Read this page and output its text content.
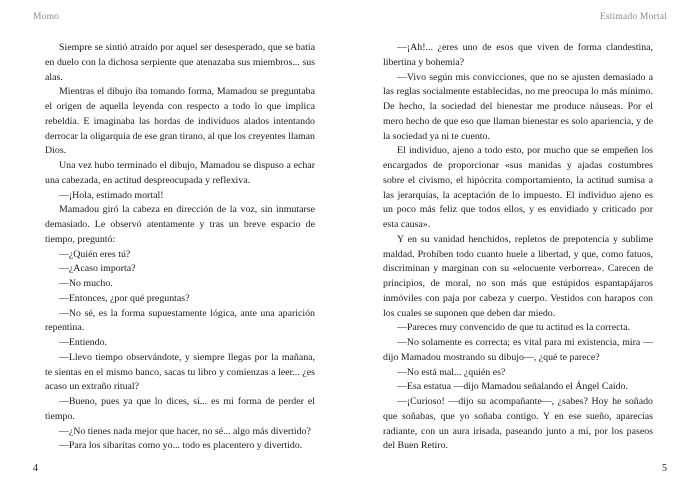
Momo

Siempre se sintió atraído por aquel ser desesperado, que se batía en duelo con la dichosa serpiente que atenazaba sus miembros... sus alas.

Mientras el dibujo iba tomando forma, Mamadou se preguntaba el origen de aquella leyenda con respecto a todo lo que implica rebeldía. E imaginaba las hordas de individuos alados intentando derrocar la oligarquía de ese gran tirano, al que los creyentes llaman Dios.

Una vez hubo terminado el dibujo, Mamadou se dispuso a echar una cabezada, en actitud despreocupada y reflexiva.

—¡Hola, estimado mortal!

Mamadou giró la cabeza en dirección de la voz, sin inmutarse demasiado. Le observó atentamente y tras un breve espacio de tiempo, preguntó:

—¿Quién eres tú?

—¿Acaso importa?

—No mucho.

—Entonces, ¿por qué preguntas?

—No sé, es la forma supuestamente lógica, ante una aparición repentina.

—Entiendo.

—Llevo tiempo observándote, y siempre llegas por la mañana, te sientas en el mismo banco, sacas tu libro y comienzas a leer... ¿es acaso un extraño ritual?

—Bueno, pues ya que lo dices, sí... es mi forma de perder el tiempo.

—¿No tienes nada mejor que hacer, no sé... algo más divertido?

—Para los sibaritas como yo... todo es placentero y divertido.

4
Estimado Mortal

—¡Ah!... ¿eres uno de esos que viven de forma clandestina, libertina y bohemia?

—Vivo según mis convicciones, que no se ajusten demasiado a las reglas socialmente establecidas, no me preocupa lo más mínimo. De hecho, la sociedad del bienestar me produce náuseas. Por el mero hecho de que eso que llaman bienestar es solo apariencia, y de la sociedad ya ni te cuento.

El individuo, ajeno a todo esto, por mucho que se empeñen los encargados de proporcionar «sus manidas y ajadas costumbres sobre el civismo, el hipócrita comportamiento, la actitud sumisa a las jerarquías, la aceptación de lo impuesto. El individuo ajeno es un poco más feliz que todos ellos, y es envidiado y criticado por esta causa».

Y en su vanidad henchidos, repletos de prepotencia y sublime maldad. Prohíben todo cuanto huele a libertad, y que, como fatuos, discriminan y marginan con su «elocuente verborrea». Carecen de principios, de moral, no son más que estúpidos espantapájaros inmóviles con paja por cabeza y cuerpo. Vestidos con harapos con los cuales se suponen que deben dar miedo.

—Pareces muy convencido de que tu actitud es la correcta.

—No solamente es correcta; es vital para mi existencia, mira —dijo Mamadou mostrando su dibujo—, ¿qué te parece?

—No está mal... ¿quién es?

—Esa estatua —dijo Mamadou señalando el Ángel Caído.

—¡Curioso! —dijo su acompañante—, ¿sabes? Hoy he soñado que soñabas, que yo soñaba contigo. Y en ese sueño, aparecías radiante, con un aura irisada, paseando junto a mí, por los paseos del Buen Retiro.

5
